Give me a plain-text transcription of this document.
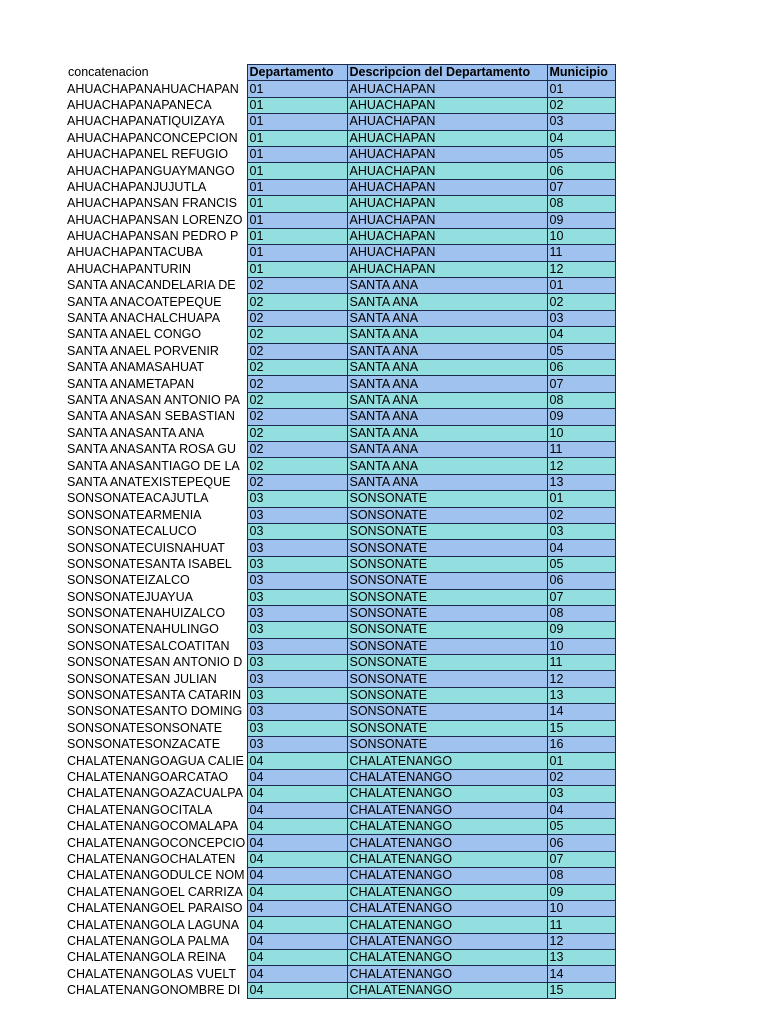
concatenacion	Departamento	Descripcion del Departamento	Municipio
AHUACHAPANAHUACHAPAN	01	AHUACHAPAN	01
AHUACHAPANAPANECA	01	AHUACHAPAN	02
AHUACHAPANATIQUIZAYA	01	AHUACHAPAN	03
AHUACHAPANCONCEPCION	01	AHUACHAPAN	04
AHUACHAPANEL REFUGIO	01	AHUACHAPAN	05
AHUACHAPANGUAYMANGO	01	AHUACHAPAN	06
AHUACHAPANJUJUTLA	01	AHUACHAPAN	07
AHUACHAPANSAN FRANCIS	01	AHUACHAPAN	08
AHUACHAPANSAN LORENZO	01	AHUACHAPAN	09
AHUACHAPANSAN PEDRO P	01	AHUACHAPAN	10
AHUACHAPANTACUBA	01	AHUACHAPAN	11
AHUACHAPANTURIN	01	AHUACHAPAN	12
SANTA ANACANDELARIA DE	02	SANTA ANA	01
SANTA ANACOATEPEQUE	02	SANTA ANA	02
SANTA ANACHALCHUAPA	02	SANTA ANA	03
SANTA ANAEL CONGO	02	SANTA ANA	04
SANTA ANAEL PORVENIR	02	SANTA ANA	05
SANTA ANAMASAHUAT	02	SANTA ANA	06
SANTA ANAMETAPAN	02	SANTA ANA	07
SANTA ANASAN ANTONIO PA	02	SANTA ANA	08
SANTA ANASAN SEBASTIAN	02	SANTA ANA	09
SANTA ANASANTA ANA	02	SANTA ANA	10
SANTA ANASANTA ROSA GU	02	SANTA ANA	11
SANTA ANASANTIAGO DE LA	02	SANTA ANA	12
SANTA ANATEXISTEPEQUE	02	SANTA ANA	13
SONSONATEACAJUTLA	03	SONSONATE	01
SONSONATEARMENIA	03	SONSONATE	02
SONSONATECALUCO	03	SONSONATE	03
SONSONATECUISNAHUAT	03	SONSONATE	04
SONSONATESANTA ISABEL	03	SONSONATE	05
SONSONATEIZALCO	03	SONSONATE	06
SONSONATEJUAYUA	03	SONSONATE	07
SONSONATENAHUIZALCO	03	SONSONATE	08
SONSONATENAHULINGO	03	SONSONATE	09
SONSONATESALCOATITAN	03	SONSONATE	10
SONSONATESAN ANTONIO D	03	SONSONATE	11
SONSONATESAN JULIAN	03	SONSONATE	12
SONSONATESANTA CATARIN	03	SONSONATE	13
SONSONATESANTO DOMING	03	SONSONATE	14
SONSONATESONSONATE	03	SONSONATE	15
SONSONATESONZACATE	03	SONSONATE	16
CHALATENANGOAGUA CALIE	04	CHALATENANGO	01
CHALATENANGOARCATAO	04	CHALATENANGO	02
CHALATENANGOAZACUALPA	04	CHALATENANGO	03
CHALATENANGOCITALA	04	CHALATENANGO	04
CHALATENANGOCOMALAPA	04	CHALATENANGO	05
CHALATENANGOCONCEPCIO	04	CHALATENANGO	06
CHALATENANGOCHALATEN	04	CHALATENANGO	07
CHALATENANGODULCE NOM	04	CHALATENANGO	08
CHALATENANGOEL CARRIZA	04	CHALATENANGO	09
CHALATENANGOEL PARAISO	04	CHALATENANGO	10
CHALATENANGOLA LAGUNA	04	CHALATENANGO	11
CHALATENANGOLA PALMA	04	CHALATENANGO	12
CHALATENANGOLA REINA	04	CHALATENANGO	13
CHALATENANGOLAS VUELT	04	CHALATENANGO	14
CHALATENANGONOMBRE DI	04	CHALATENANGO	15
